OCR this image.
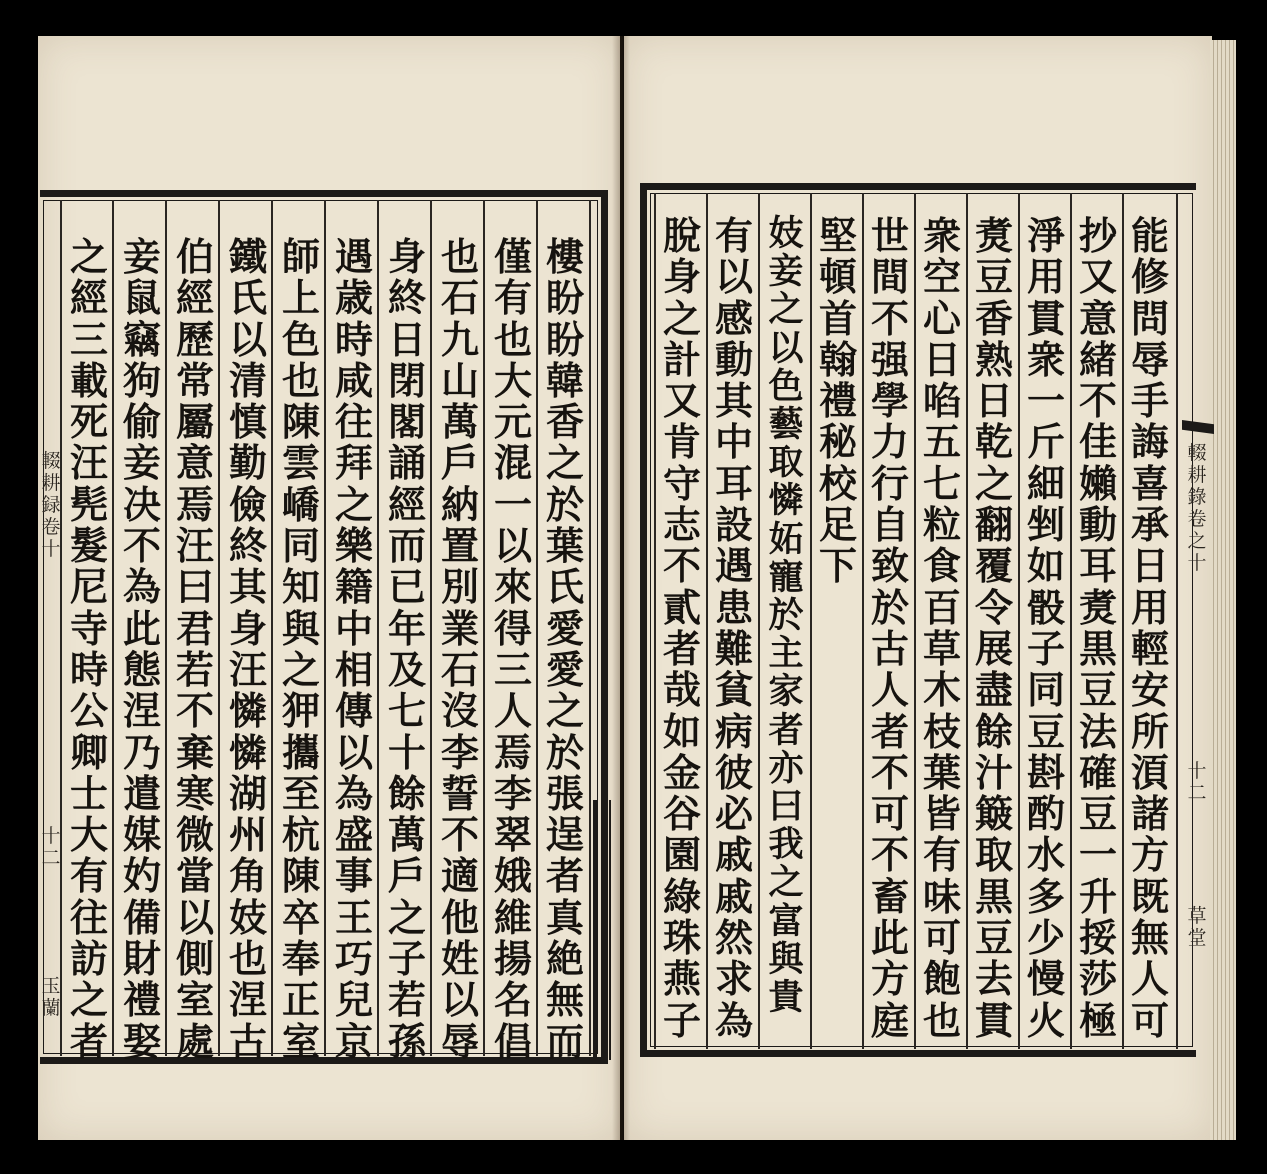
樓盼盼韓香之於葉氏愛愛之於張逞者真絶無而
僅有也大元混一以來得三人焉李翠娥維揚名倡
也石九山萬戶納置別業石沒李誓不適他姓以辱
身終日閉閣誦經而已年及七十餘萬戶之子若孫
遇歳時咸往拜之樂籍中相傳以為盛事王巧兒京
師上色也陳雲嶠同知與之狎攜至杭陳卒奉正室
鐵氏以清慎勤儉終其身汪憐憐湖州角妓也涅古
伯經歷常屬意焉汪曰君若不棄寒微當以側室處
妾鼠竊狗偷妾决不為此態涅乃遣媒妁備財禮娶
之經三載死汪髡髮尼寺時公卿士大有往訪之者
輟耕録卷十
十二
玉蘭
能修問辱手誨喜承日用輕安所湏諸方既無人可
抄又意緒不佳嬾動耳煑黒豆法確豆一升挼莎極
淨用貫衆一斤細剉如骰子同豆斟酌水多少慢火
煑豆香熟日乾之翻覆令展盡餘汁簸取黒豆去貫
衆空心日啗五七粒食百草木枝葉皆有味可飽也
世間不强學力行自致於古人者不可不畜此方庭
堅頓首翰禮秘校足下
妓妾之以色藝取憐妬寵於主家者亦曰我之富與貴
有以感動其中耳設遇患難貧病彼必戚戚然求為
脫身之計又肯守志不貳者哉如金谷園綠珠燕子
輟耕錄卷之十
十二
草堂
